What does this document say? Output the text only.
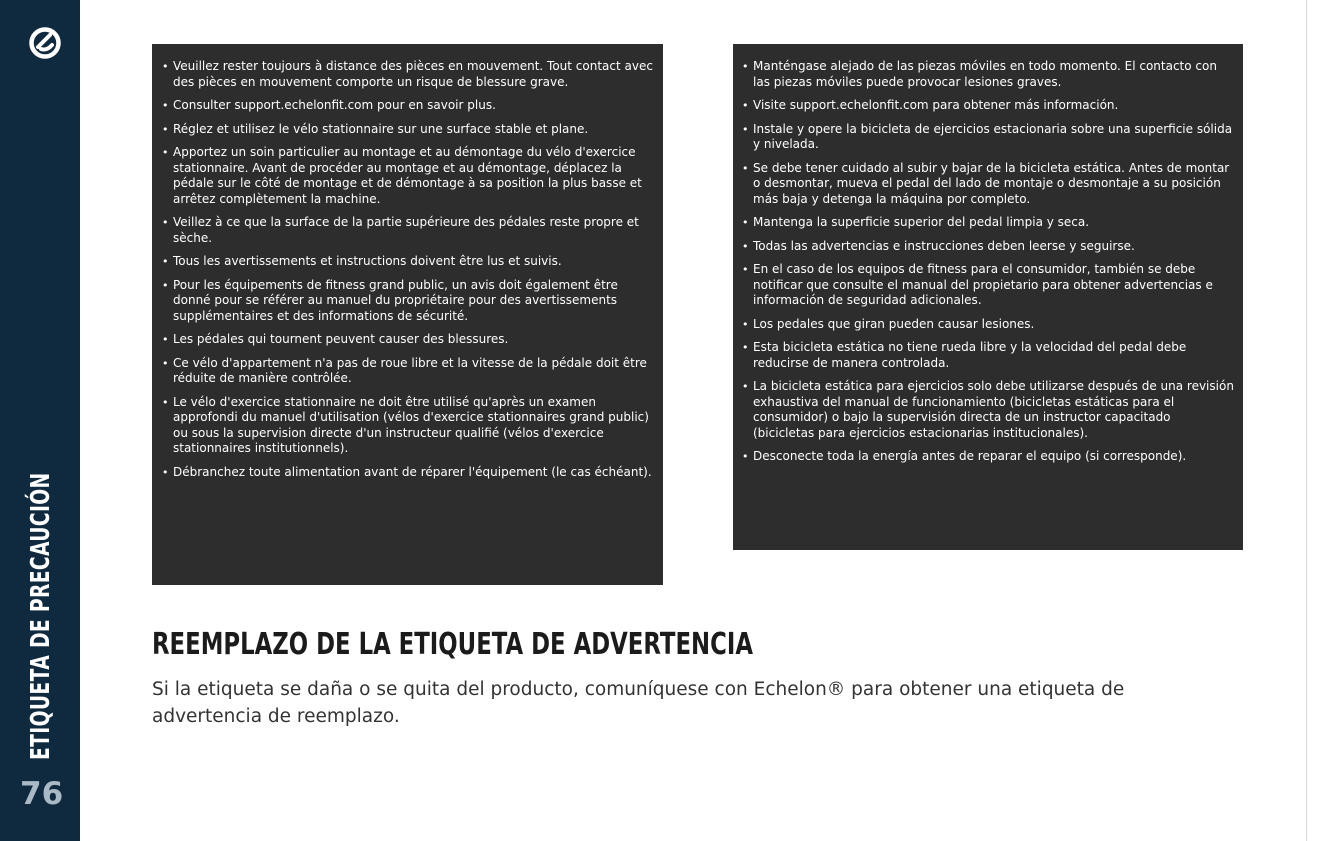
ETIQUETA DE PRECAUCIÓN
76
• Veuillez rester toujours à distance des pièces en mouvement. Tout contact avec des pièces en mouvement comporte un risque de blessure grave.
• Consulter support.echelonfit.com pour en savoir plus.
• Réglez et utilisez le vélo stationnaire sur une surface stable et plane.
• Apportez un soin particulier au montage et au démontage du vélo d'exercice stationnaire. Avant de procéder au montage et au démontage, déplacez la pédale sur le côté de montage et de démontage à sa position la plus basse et arrêtez complètement la machine.
• Veillez à ce que la surface de la partie supérieure des pédales reste propre et sèche.
• Tous les avertissements et instructions doivent être lus et suivis.
• Pour les équipements de fitness grand public, un avis doit également être donné pour se référer au manuel du propriétaire pour des avertissements supplémentaires et des informations de sécurité.
• Les pédales qui tournent peuvent causer des blessures.
• Ce vélo d'appartement n'a pas de roue libre et la vitesse de la pédale doit être réduite de manière contrôlée.
• Le vélo d'exercice stationnaire ne doit être utilisé qu'après un examen approfondi du manuel d'utilisation (vélos d'exercice stationnaires grand public) ou sous la supervision directe d'un instructeur qualifié (vélos d'exercice stationnaires institutionnels).
• Débranchez toute alimentation avant de réparer l'équipement (le cas échéant).
• Manténgase alejado de las piezas móviles en todo momento. El contacto con las piezas móviles puede provocar lesiones graves.
• Visite support.echelonfit.com para obtener más información.
• Instale y opere la bicicleta de ejercicios estacionaria sobre una superficie sólida y nivelada.
• Se debe tener cuidado al subir y bajar de la bicicleta estática. Antes de montar o desmontar, mueva el pedal del lado de montaje o desmontaje a su posición más baja y detenga la máquina por completo.
• Mantenga la superficie superior del pedal limpia y seca.
• Todas las advertencias e instrucciones deben leerse y seguirse.
• En el caso de los equipos de fitness para el consumidor, también se debe notificar que consulte el manual del propietario para obtener advertencias e información de seguridad adicionales.
• Los pedales que giran pueden causar lesiones.
• Esta bicicleta estática no tiene rueda libre y la velocidad del pedal debe reducirse de manera controlada.
• La bicicleta estática para ejercicios solo debe utilizarse después de una revisión exhaustiva del manual de funcionamiento (bicicletas estáticas para el consumidor) o bajo la supervisión directa de un instructor capacitado (bicicletas para ejercicios estacionarias institucionales).
• Desconecte toda la energía antes de reparar el equipo (si corresponde).
REEMPLAZO DE LA ETIQUETA DE ADVERTENCIA
Si la etiqueta se daña o se quita del producto, comuníquese con Echelon® para obtener una etiqueta de advertencia de reemplazo.
